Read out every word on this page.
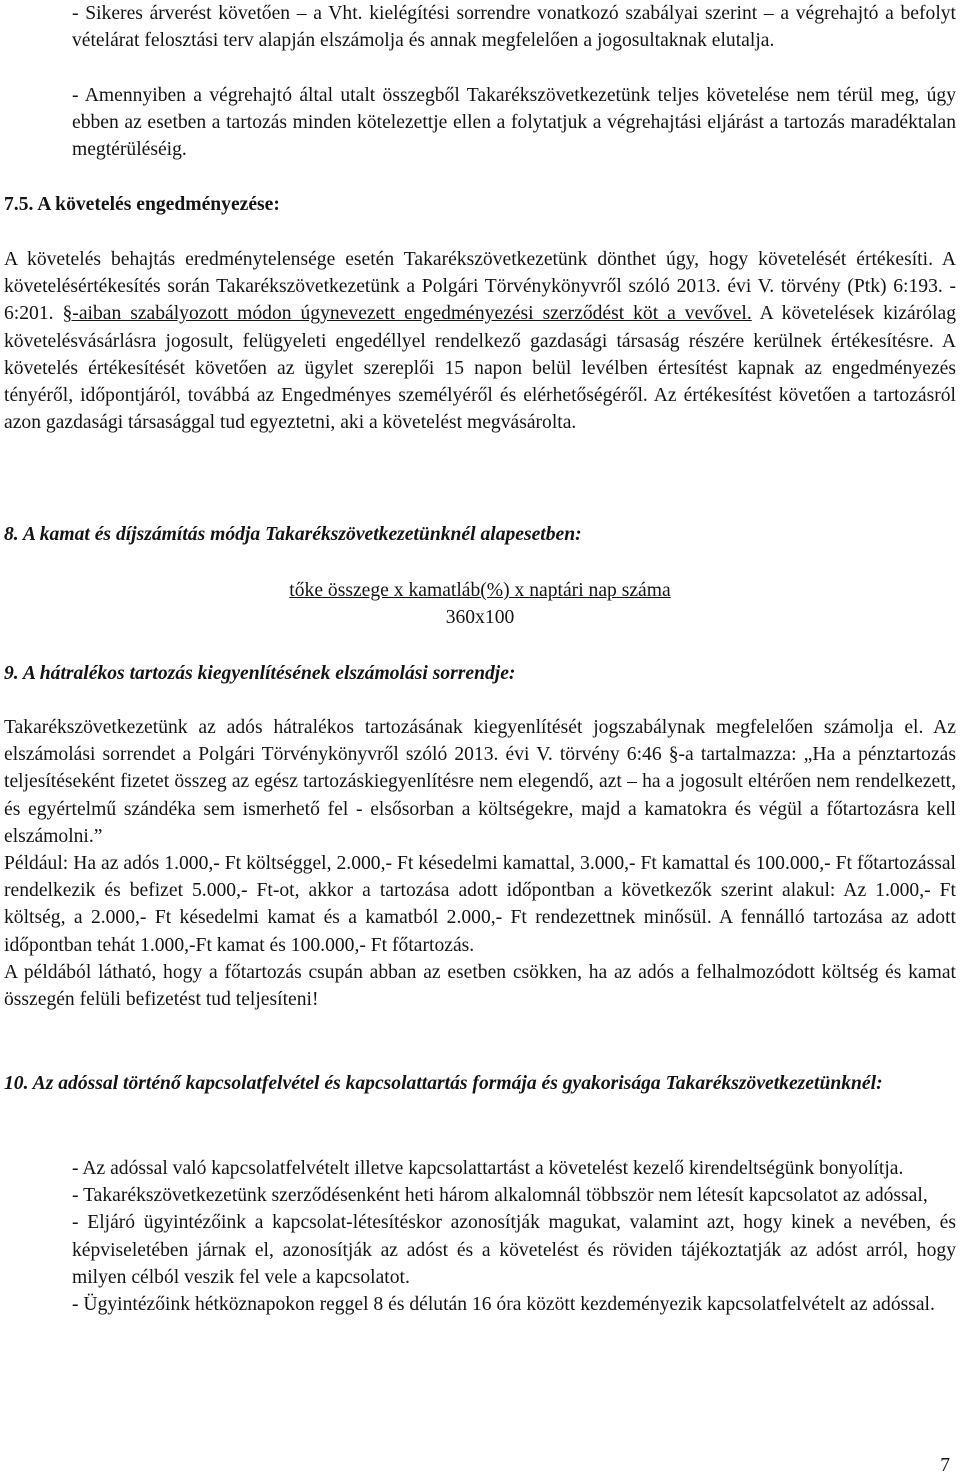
- Sikeres árverést követően – a Vht. kielégítési sorrendre vonatkozó szabályai szerint – a végrehajtó a befolyt vételárat felosztási terv alapján elszámolja és annak megfelelően a jogosultaknak elutalja.

- Amennyiben a végrehajtó által utalt összegből Takarékszövetkezetünk teljes követelése nem térül meg, úgy ebben az esetben a tartozás minden kötelezettje ellen a folytatjuk a végrehajtási eljárást a tartozás maradéktalan megtérüléséig.

7.5. A követelés engedményezése:

A követelés behajtás eredménytelensége esetén Takarékszövetkezetünk dönthet úgy, hogy követelését értékesíti. A követelésértékesítés során Takarékszövetkezetünk a Polgári Törvénykönyvről szóló 2013. évi V. törvény (Ptk) 6:193. - 6:201. §-aiban szabályozott módon úgynevezett engedményezési szerződést köt a vevővel. A követelések kizárólag követelésvásárlásra jogosult, felügyeleti engedéllyel rendelkező gazdasági társaság részére kerülnek értékesítésre. A követelés értékesítését követően az ügylet szereplői 15 napon belül levélben értesítést kapnak az engedményezés tényéről, időpontjáról, továbbá az Engedményes személyéről és elérhetőségéről. Az értékesítést követően a tartozásról azon gazdasági társasággal tud egyeztetni, aki a követelést megvásárolta.

8. A kamat és díjszámítás módja Takarékszövetkezetünknél alapesetben:

tőke összege x kamatláb(%) x naptári nap száma
360x100

9. A hátralékos tartozás kiegyenlítésének elszámolási sorrendje:

Takarékszövetkezetünk az adós hátralékos tartozásának kiegyenlítését jogszabálynak megfelelően számolja el. Az elszámolási sorrendet a Polgári Törvénykönyvről szóló 2013. évi V. törvény 6:46 §-a tartalmazza: „Ha a pénztartozás teljesítéseként fizetet összeg az egész tartozáskiegyenlítésre nem elegendő, azt – ha a jogosult eltérően nem rendelkezett, és egyértelmű szándéka sem ismerhető fel - elsősorban a költségekre, majd a kamatokra és végül a főtartozásra kell elszámolni.”

Például: Ha az adós 1.000,- Ft költséggel, 2.000,- Ft késedelmi kamattal, 3.000,- Ft kamattal és 100.000,- Ft főtartozással rendelkezik és befizet 5.000,- Ft-ot, akkor a tartozása adott időpontban a következők szerint alakul: Az 1.000,- Ft költség, a 2.000,- Ft késedelmi kamat és a kamatból 2.000,- Ft rendezettnek minősül. A fennálló tartozása az adott időpontban tehát 1.000,-Ft kamat és 100.000,- Ft főtartozás.

A példából látható, hogy a főtartozás csupán abban az esetben csökken, ha az adós a felhalmozódott költség és kamat összegén felüli befizetést tud teljesíteni!

10. Az adóssal történő kapcsolatfelvétel és kapcsolattartás formája és gyakorisága Takarékszövetkezetünknél:

- Az adóssal való kapcsolatfelvételt illetve kapcsolattartást a követelést kezelő kirendeltségünk bonyolítja.

- Takarékszövetkezetünk szerződésenként heti három alkalomnál többször nem létesít kapcsolatot az adóssal,

- Eljáró ügyintézőink a kapcsolat-létesítéskor azonosítják magukat, valamint azt, hogy kinek a nevében, és képviseletében járnak el, azonosítják az adóst és a követelést és röviden tájékoztatják az adóst arról, hogy milyen célból veszik fel vele a kapcsolatot.

- Ügyintézőink hétköznapokon reggel 8 és délután 16 óra között kezdeményezik kapcsolatfelvételt az adóssal.

7
